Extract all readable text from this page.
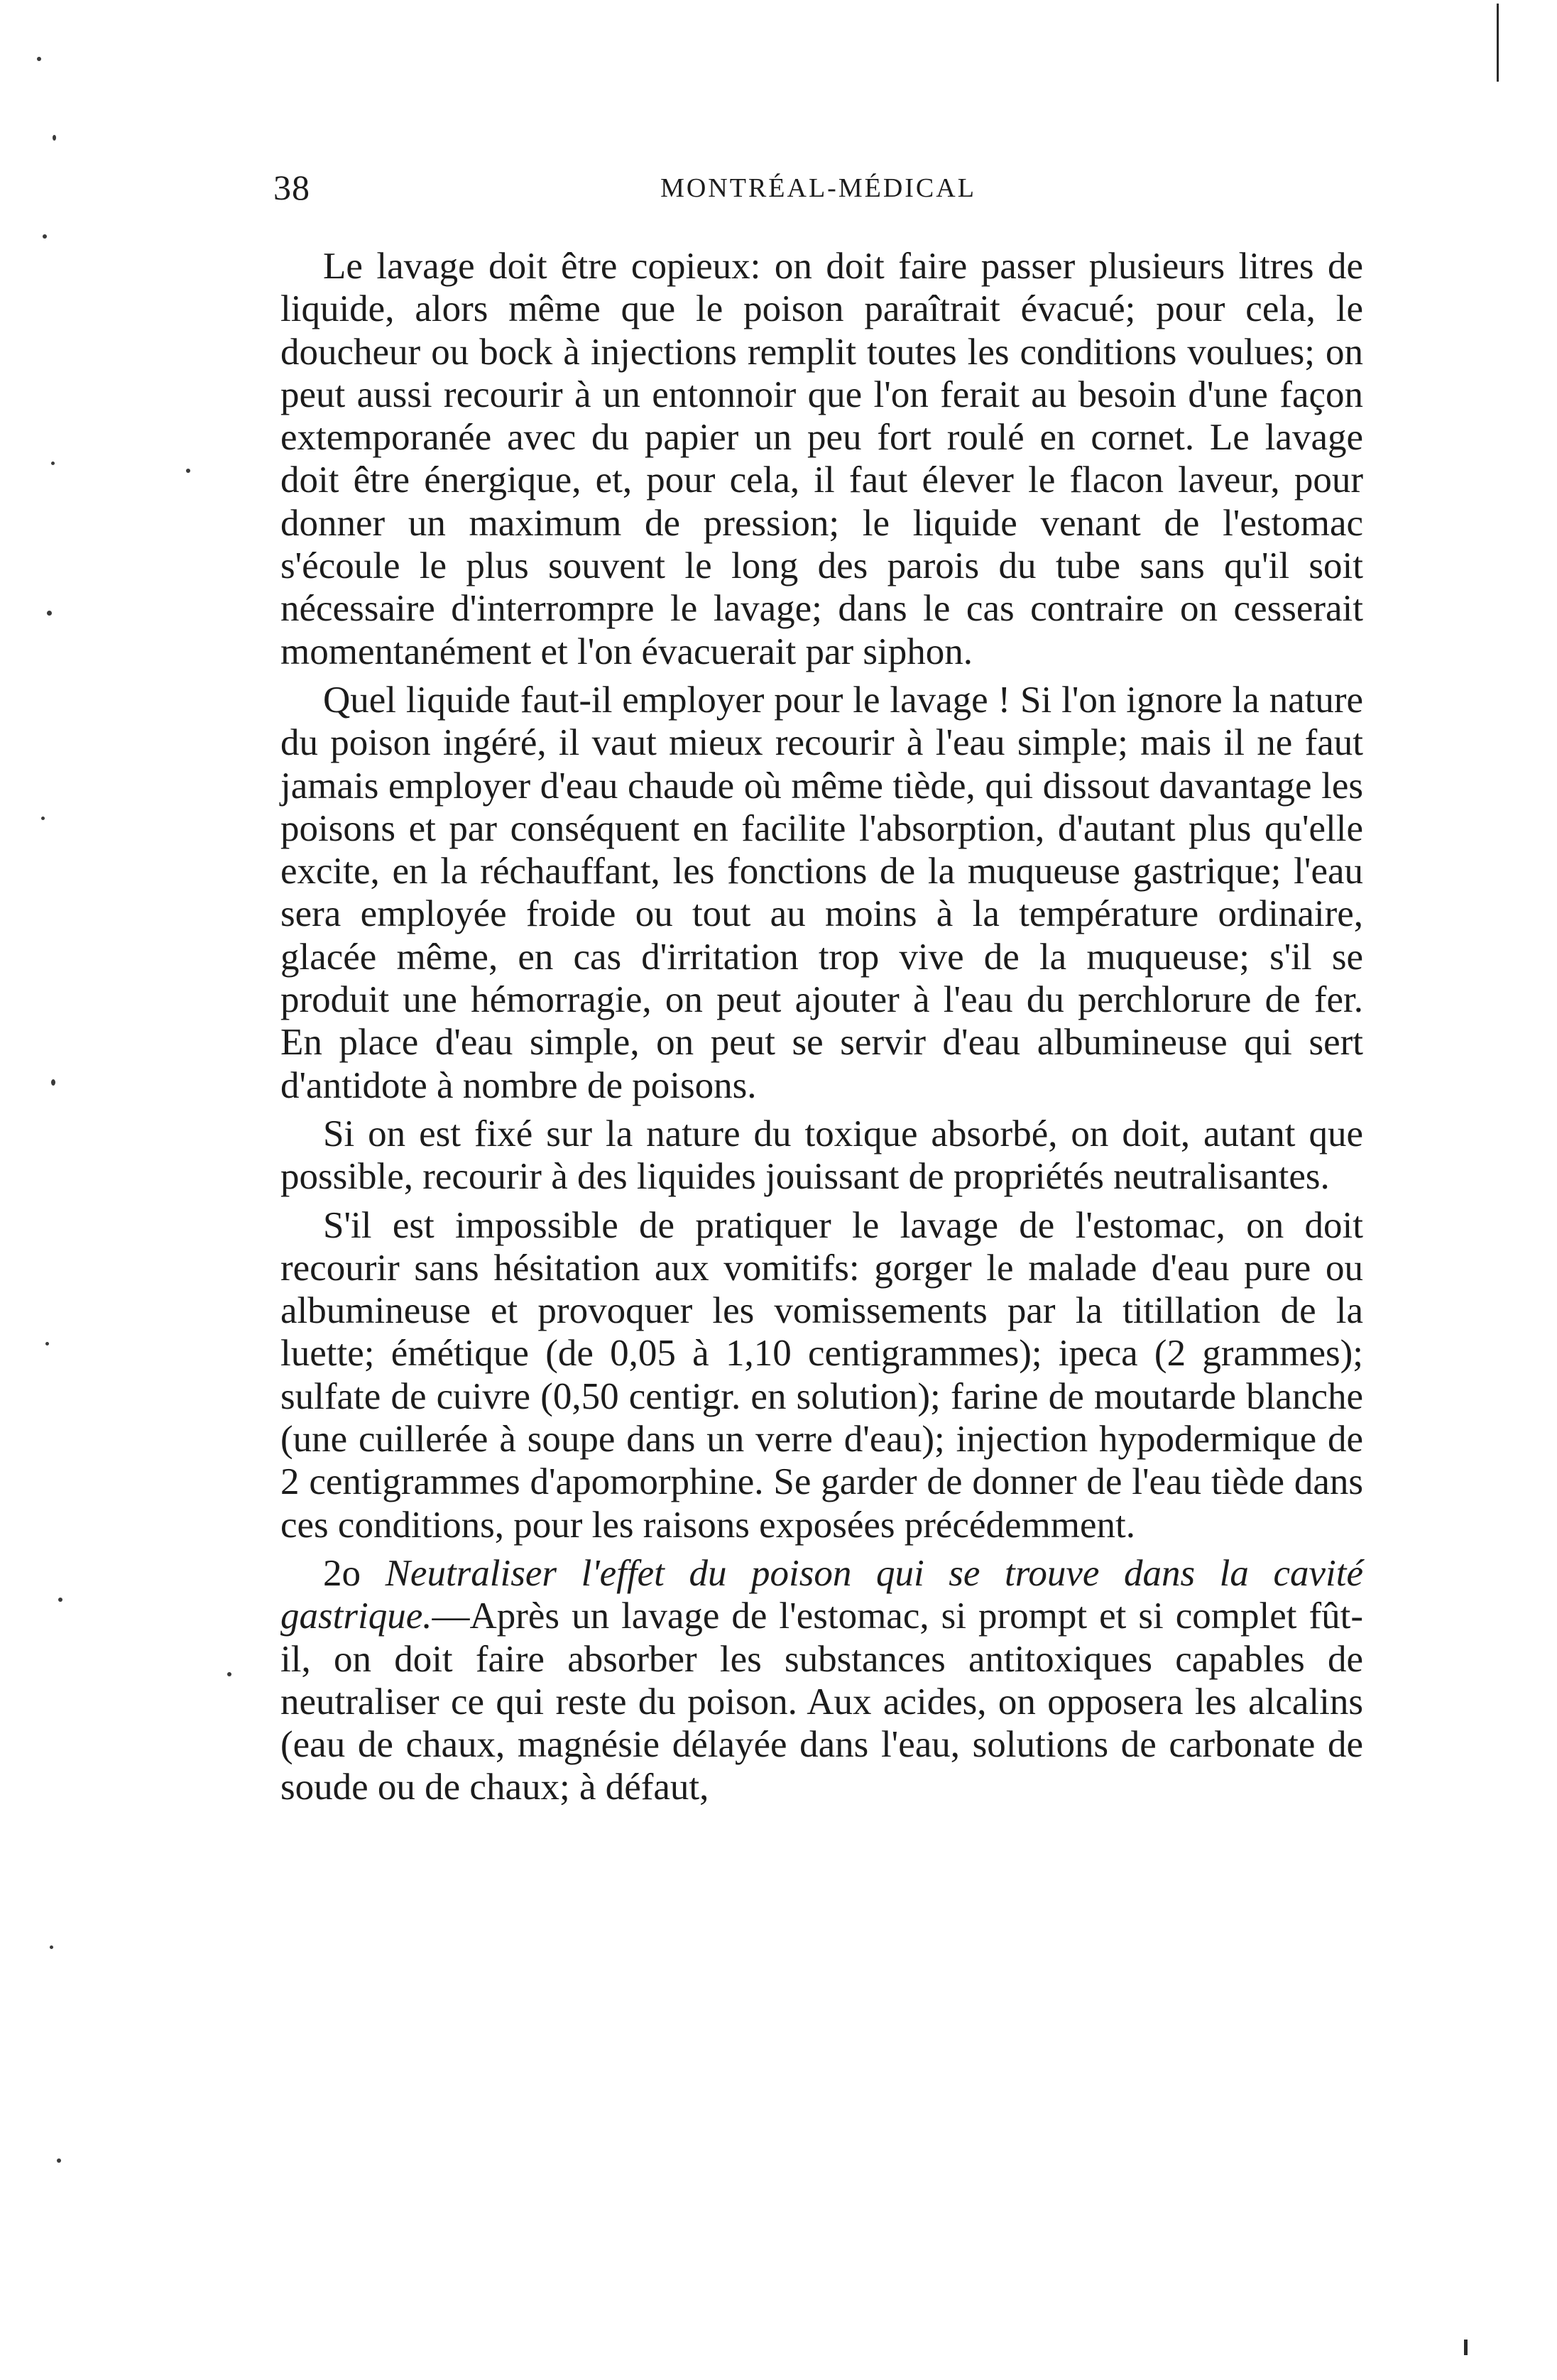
38	MONTRÉAL-MÉDICAL

Le lavage doit être copieux: on doit faire passer plusieurs litres de liquide, alors même que le poison paraîtrait évacué; pour cela, le doucheur ou bock à injections remplit toutes les conditions voulues; on peut aussi recourir à un entonnoir que l'on ferait au besoin d'une façon extemporanée avec du papier un peu fort roulé en cornet. Le lavage doit être énergique, et, pour cela, il faut élever le flacon laveur, pour donner un maximum de pression; le liquide venant de l'estomac s'écoule le plus souvent le long des parois du tube sans qu'il soit nécessaire d'interrompre le lavage; dans le cas contraire on cesserait momentanément et l'on évacuerait par siphon.

Quel liquide faut-il employer pour le lavage ! Si l'on ignore la nature du poison ingéré, il vaut mieux recourir à l'eau simple; mais il ne faut jamais employer d'eau chaude où même tiède, qui dissout davantage les poisons et par conséquent en facilite l'absorption, d'autant plus qu'elle excite, en la réchauffant, les fonctions de la muqueuse gastrique; l'eau sera employée froide ou tout au moins à la température ordinaire, glacée même, en cas d'irritation trop vive de la muqueuse; s'il se produit une hémorragie, on peut ajouter à l'eau du perchlorure de fer. En place d'eau simple, on peut se servir d'eau albumineuse qui sert d'antidote à nombre de poisons.

Si on est fixé sur la nature du toxique absorbé, on doit, autant que possible, recourir à des liquides jouissant de propriétés neutralisantes.

S'il est impossible de pratiquer le lavage de l'estomac, on doit recourir sans hésitation aux vomitifs: gorger le malade d'eau pure ou albumineuse et provoquer les vomissements par la titillation de la luette; émétique (de 0,05 à 1,10 centigrammes); ipeca (2 grammes); sulfate de cuivre (0,50 centigr. en solution); farine de moutarde blanche (une cuillerée à soupe dans un verre d'eau); injection hypodermique de 2 centigrammes d'apomorphine. Se garder de donner de l'eau tiède dans ces conditions, pour les raisons exposées précédemment.

2o Neutraliser l'effet du poison qui se trouve dans la cavité gastrique.—Après un lavage de l'estomac, si prompt et si complet fût-il, on doit faire absorber les substances antitoxiques capables de neutraliser ce qui reste du poison. Aux acides, on opposera les alcalins (eau de chaux, magnésie délayée dans l'eau, solutions de carbonate de soude ou de chaux; à défaut,
